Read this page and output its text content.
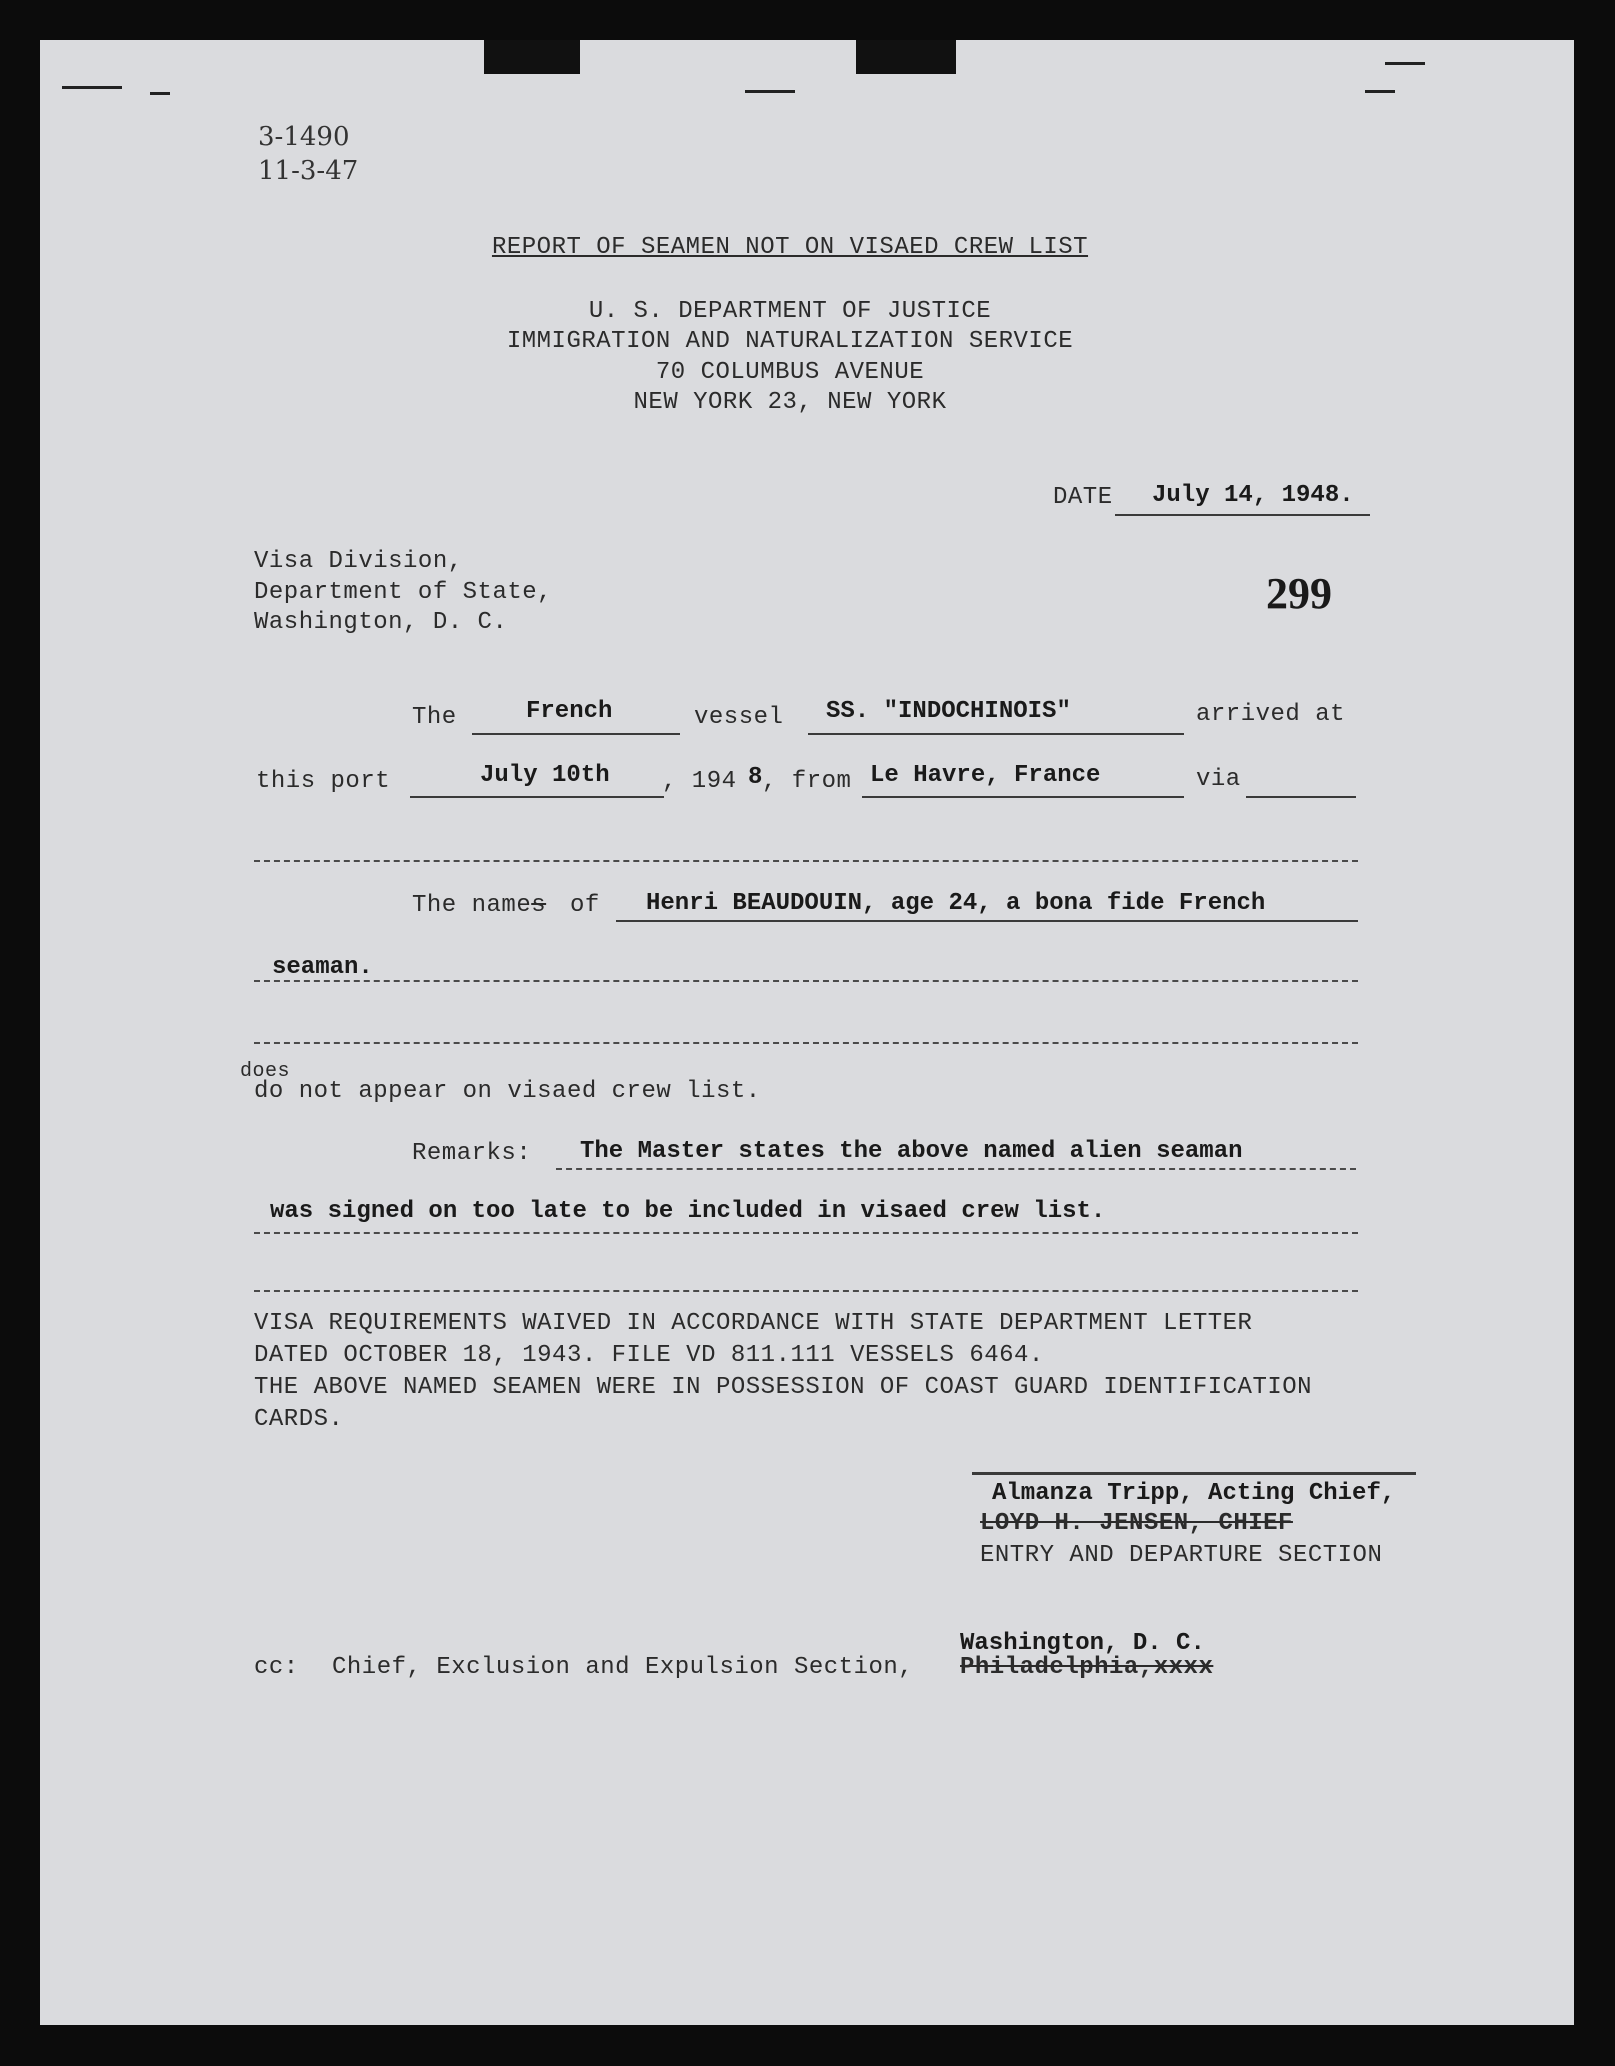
3-1490
11-3-47
REPORT OF SEAMEN NOT ON VISAED CREW LIST
U. S. DEPARTMENT OF JUSTICE
IMMIGRATION AND NATURALIZATION SERVICE
70 COLUMBUS AVENUE
NEW YORK 23, NEW YORK
DATE July 14, 1948.
Visa Division,
Department of State,
Washington, D. C.
299
The	French	vessel SS. "INDOCHINOIS"	arrived at
this port	July 10th , 194 8 , from Le Havre, France	via
The names of Henri BEAUDOUIN, age 24, a bona fide French
seaman.
does
do not appear on visaed crew list.
Remarks: The Master states the above named alien seaman
was signed on too late to be included in visaed crew list.
VISA REQUIREMENTS WAIVED IN ACCORDANCE WITH STATE DEPARTMENT LETTER
DATED OCTOBER 18, 1943. FILE VD 811.111 VESSELS 6464.
THE ABOVE NAMED SEAMEN WERE IN POSSESSION OF COAST GUARD IDENTIFICATION
CARDS.
Almanza Tripp, Acting Chief,
LOYD H. JENSEN, CHIEF
ENTRY AND DEPARTURE SECTION
cc: Chief, Exclusion and Expulsion Section,
Washington, D. C.
Philadelphia,xxxx
